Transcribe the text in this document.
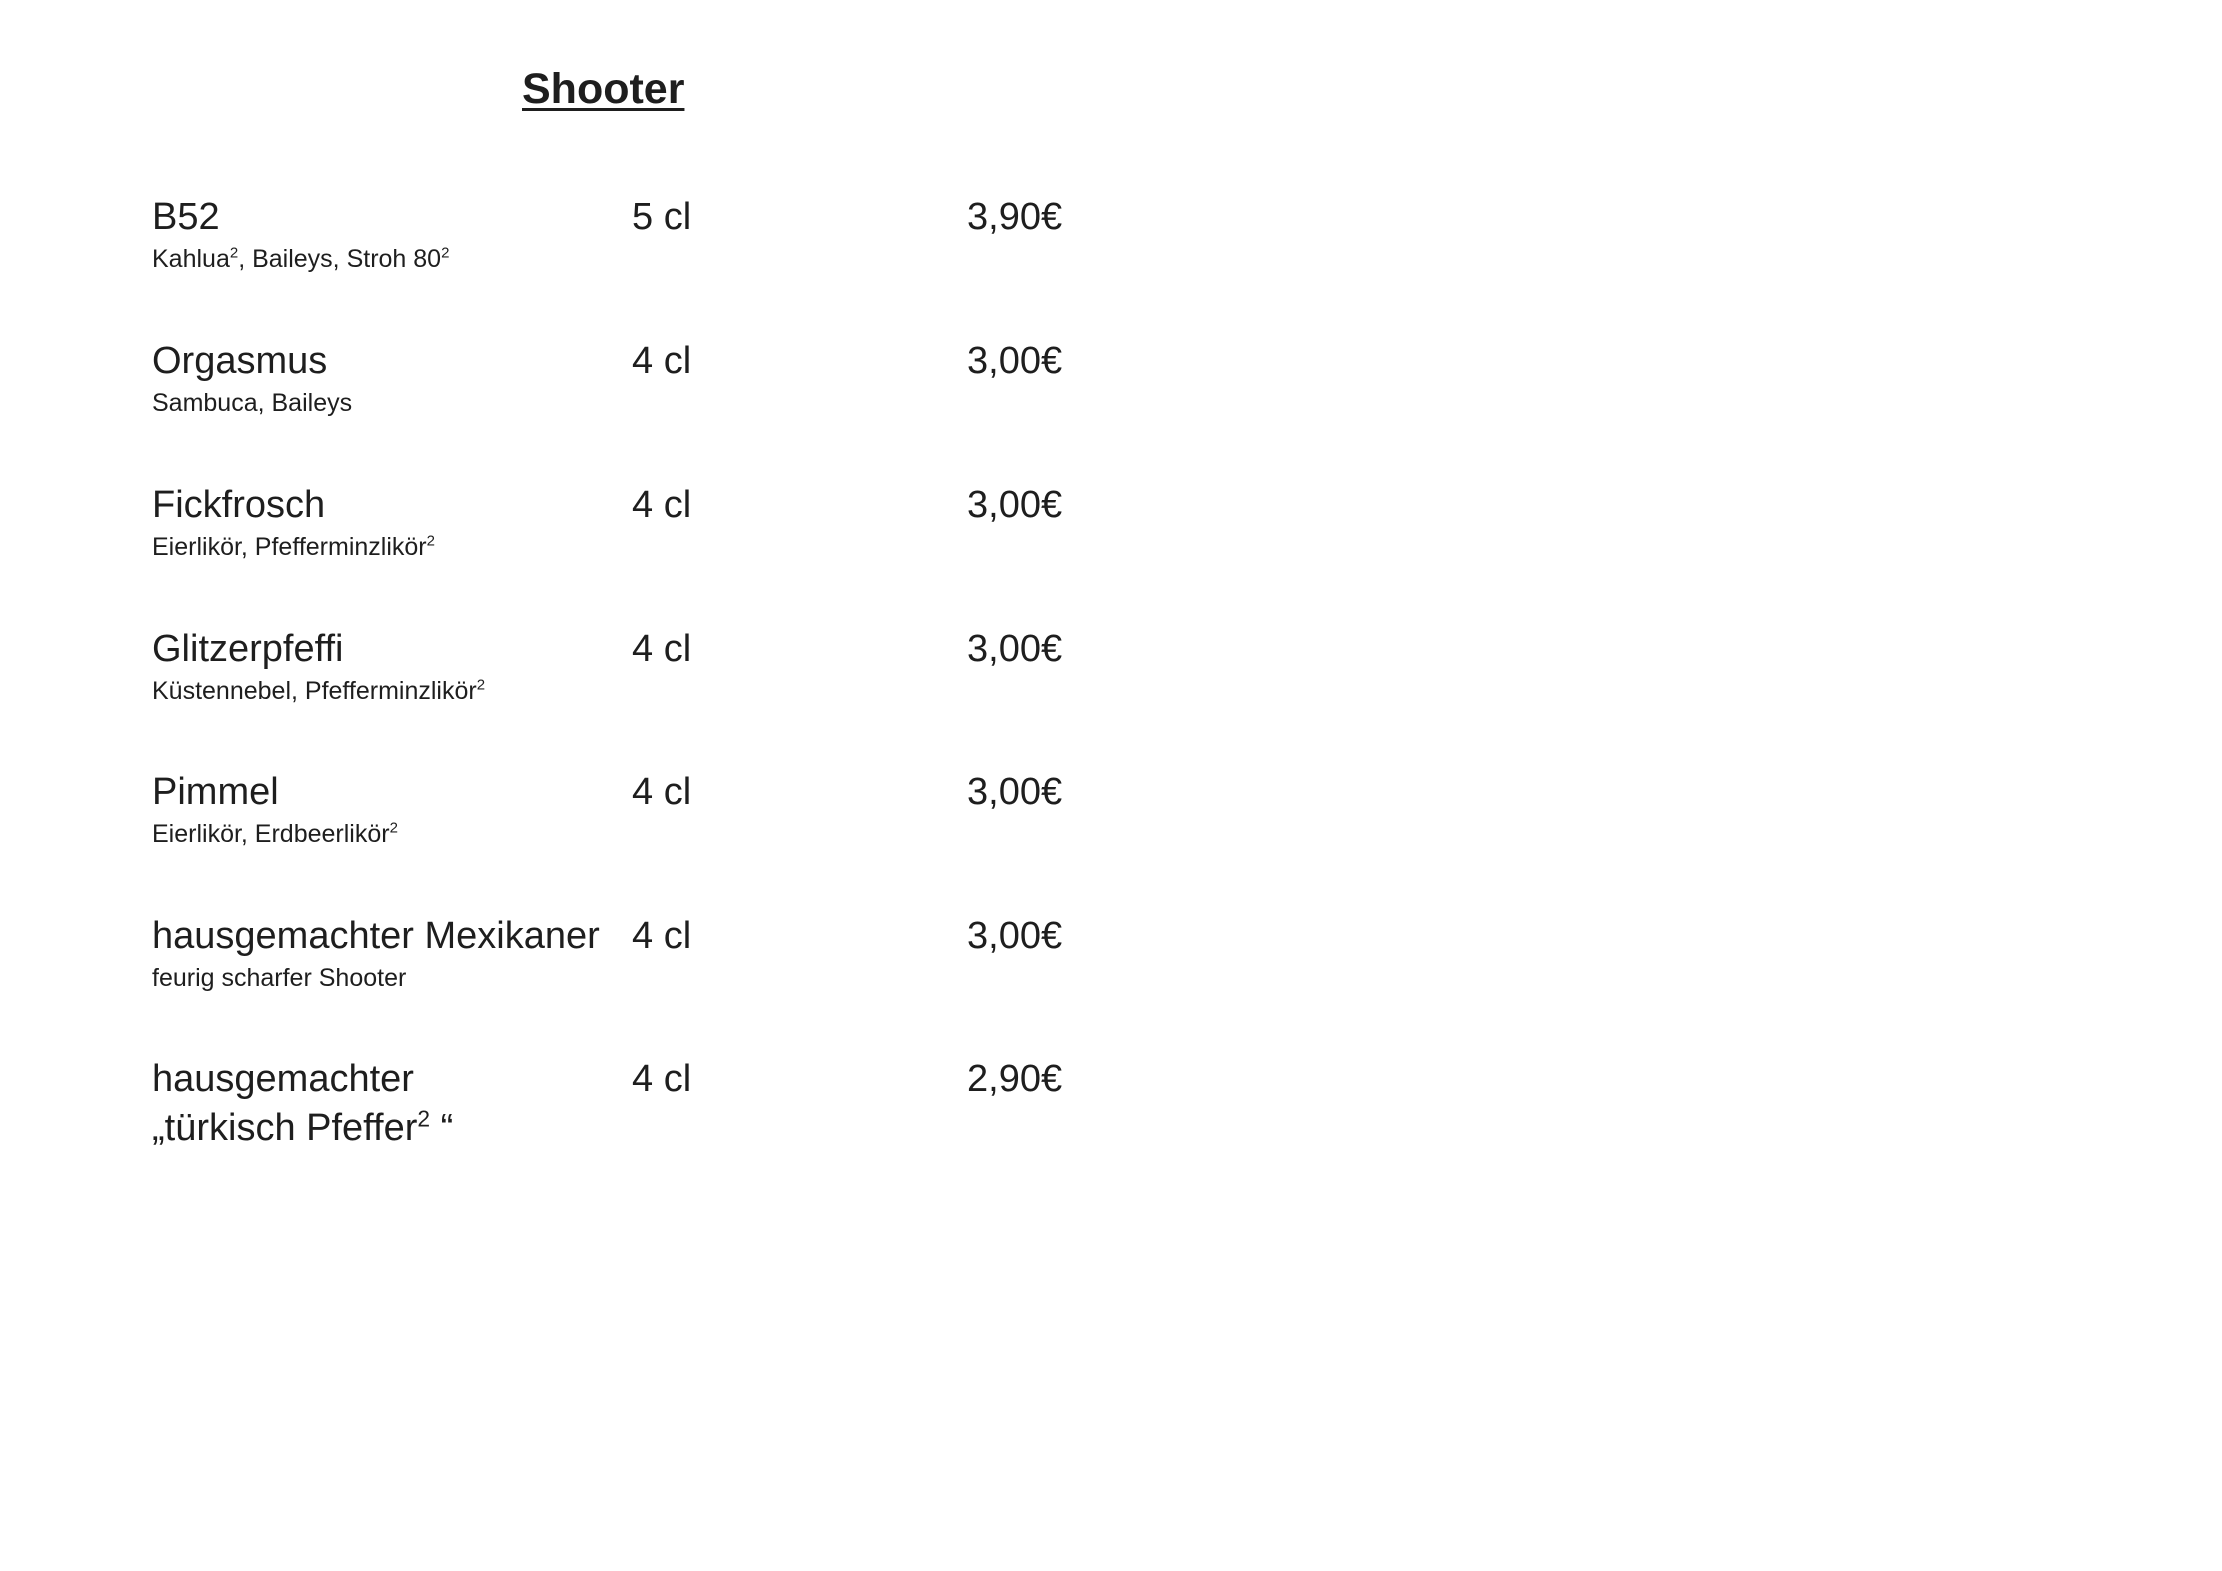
Shooter
B52	5 cl	3,90€
Kahlua$^2$, Baileys, Stroh $80^2$
Orgasmus	4 cl	3,00€
Sambuca, Baileys
Fickfrosch	4 cl	3,00€
Eierlikör, Pfefferminzlikör$^2$
Glitzerpfeffi	4 cl	3,00€
Küstennebel, Pfefferminzlikör$^2$
Pimmel	4 cl	3,00€
Eierlikör, Erdbeerlikör$^2$
hausgemachter Mexikaner 4 cl	3,00€
feurig scharfer Shooter
hausgemachter
„türkisch Pfeffer$^2$ “
4 cl	2,90€
